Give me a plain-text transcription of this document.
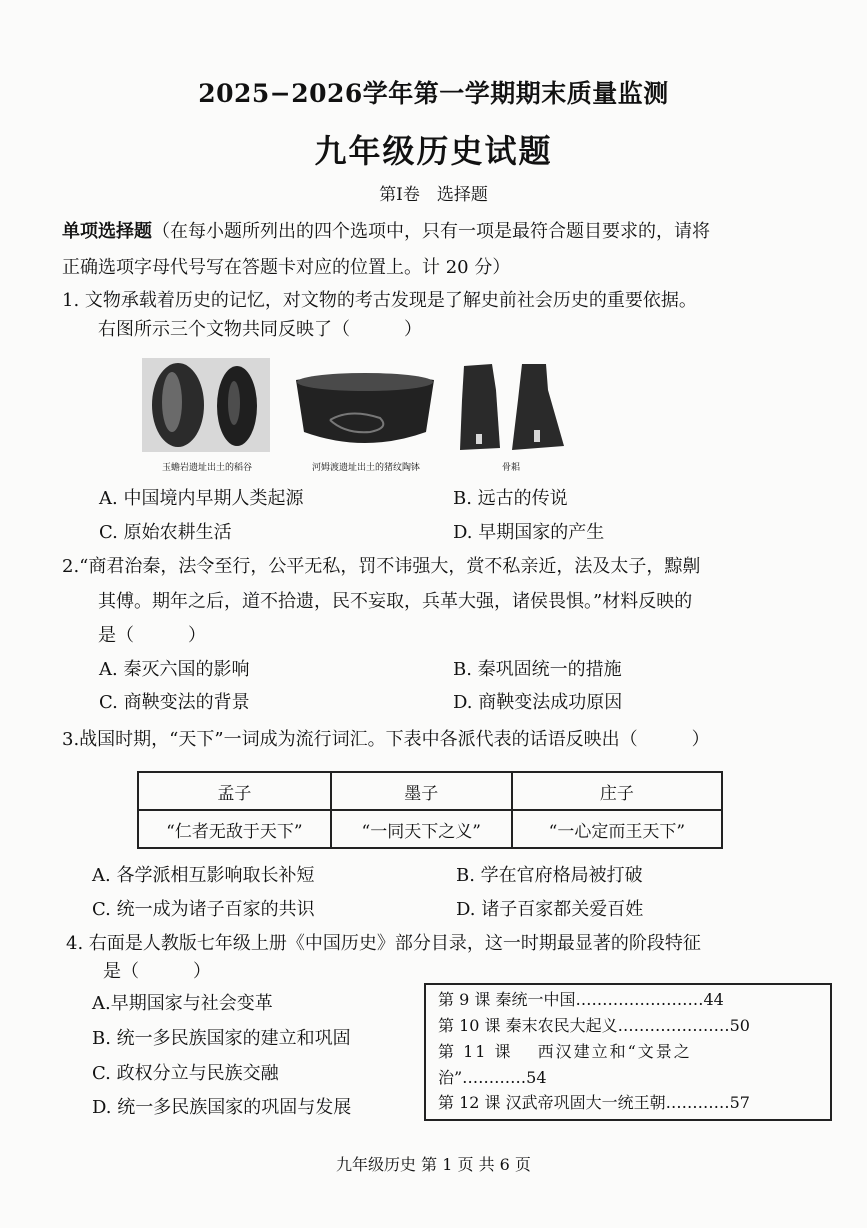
2025−2026学年第一学期期末质量监测
九年级历史试题
第Ⅰ卷　选择题
单项选择题（在每小题所列出的四个选项中，只有一项是最符合题目要求的，请将
正确选项字母代号写在答题卡对应的位置上。计 20 分）
1. 文物承载着历史的记忆，对文物的考古发现是了解史前社会历史的重要依据。
右图所示三个文物共同反映了（　　　）
玉蟾岩遗址出土的稻谷	河姆渡遗址出土的猪纹陶钵	骨耜
A. 中国境内早期人类起源	B. 远古的传说
C. 原始农耕生活	D. 早期国家的产生
2.“商君治秦，法令至行，公平无私，罚不讳强大，赏不私亲近，法及太子，黥劓
其傅。期年之后，道不拾遗，民不妄取，兵革大强，诸侯畏惧。”材料反映的
是（　　　）
A. 秦灭六国的影响	B. 秦巩固统一的措施
C. 商鞅变法的背景	D. 商鞅变法成功原因
3.战国时期，“天下”一词成为流行词汇。下表中各派代表的话语反映出（　　　）
孟子	墨子	庄子
“仁者无敌于天下”	“一同天下之义”	“一心定而王天下”
A. 各学派相互影响取长补短	B. 学在官府格局被打破
C. 统一成为诸子百家的共识	D. 诸子百家都关爱百姓
4. 右面是人教版七年级上册《中国历史》部分目录，这一时期最显著的阶段特征
是（　　　）
A.早期国家与社会变革
B. 统一多民族国家的建立和巩固
C. 政权分立与民族交融
D. 统一多民族国家的巩固与发展
第 9 课 秦统一中国……………………44
第 10 课 秦末农民大起义…………………50
第 11 课　 西汉建立和“文景之
治”…………54
第 12 课 汉武帝巩固大一统王朝…………57
九年级历史 第 1 页 共 6 页
